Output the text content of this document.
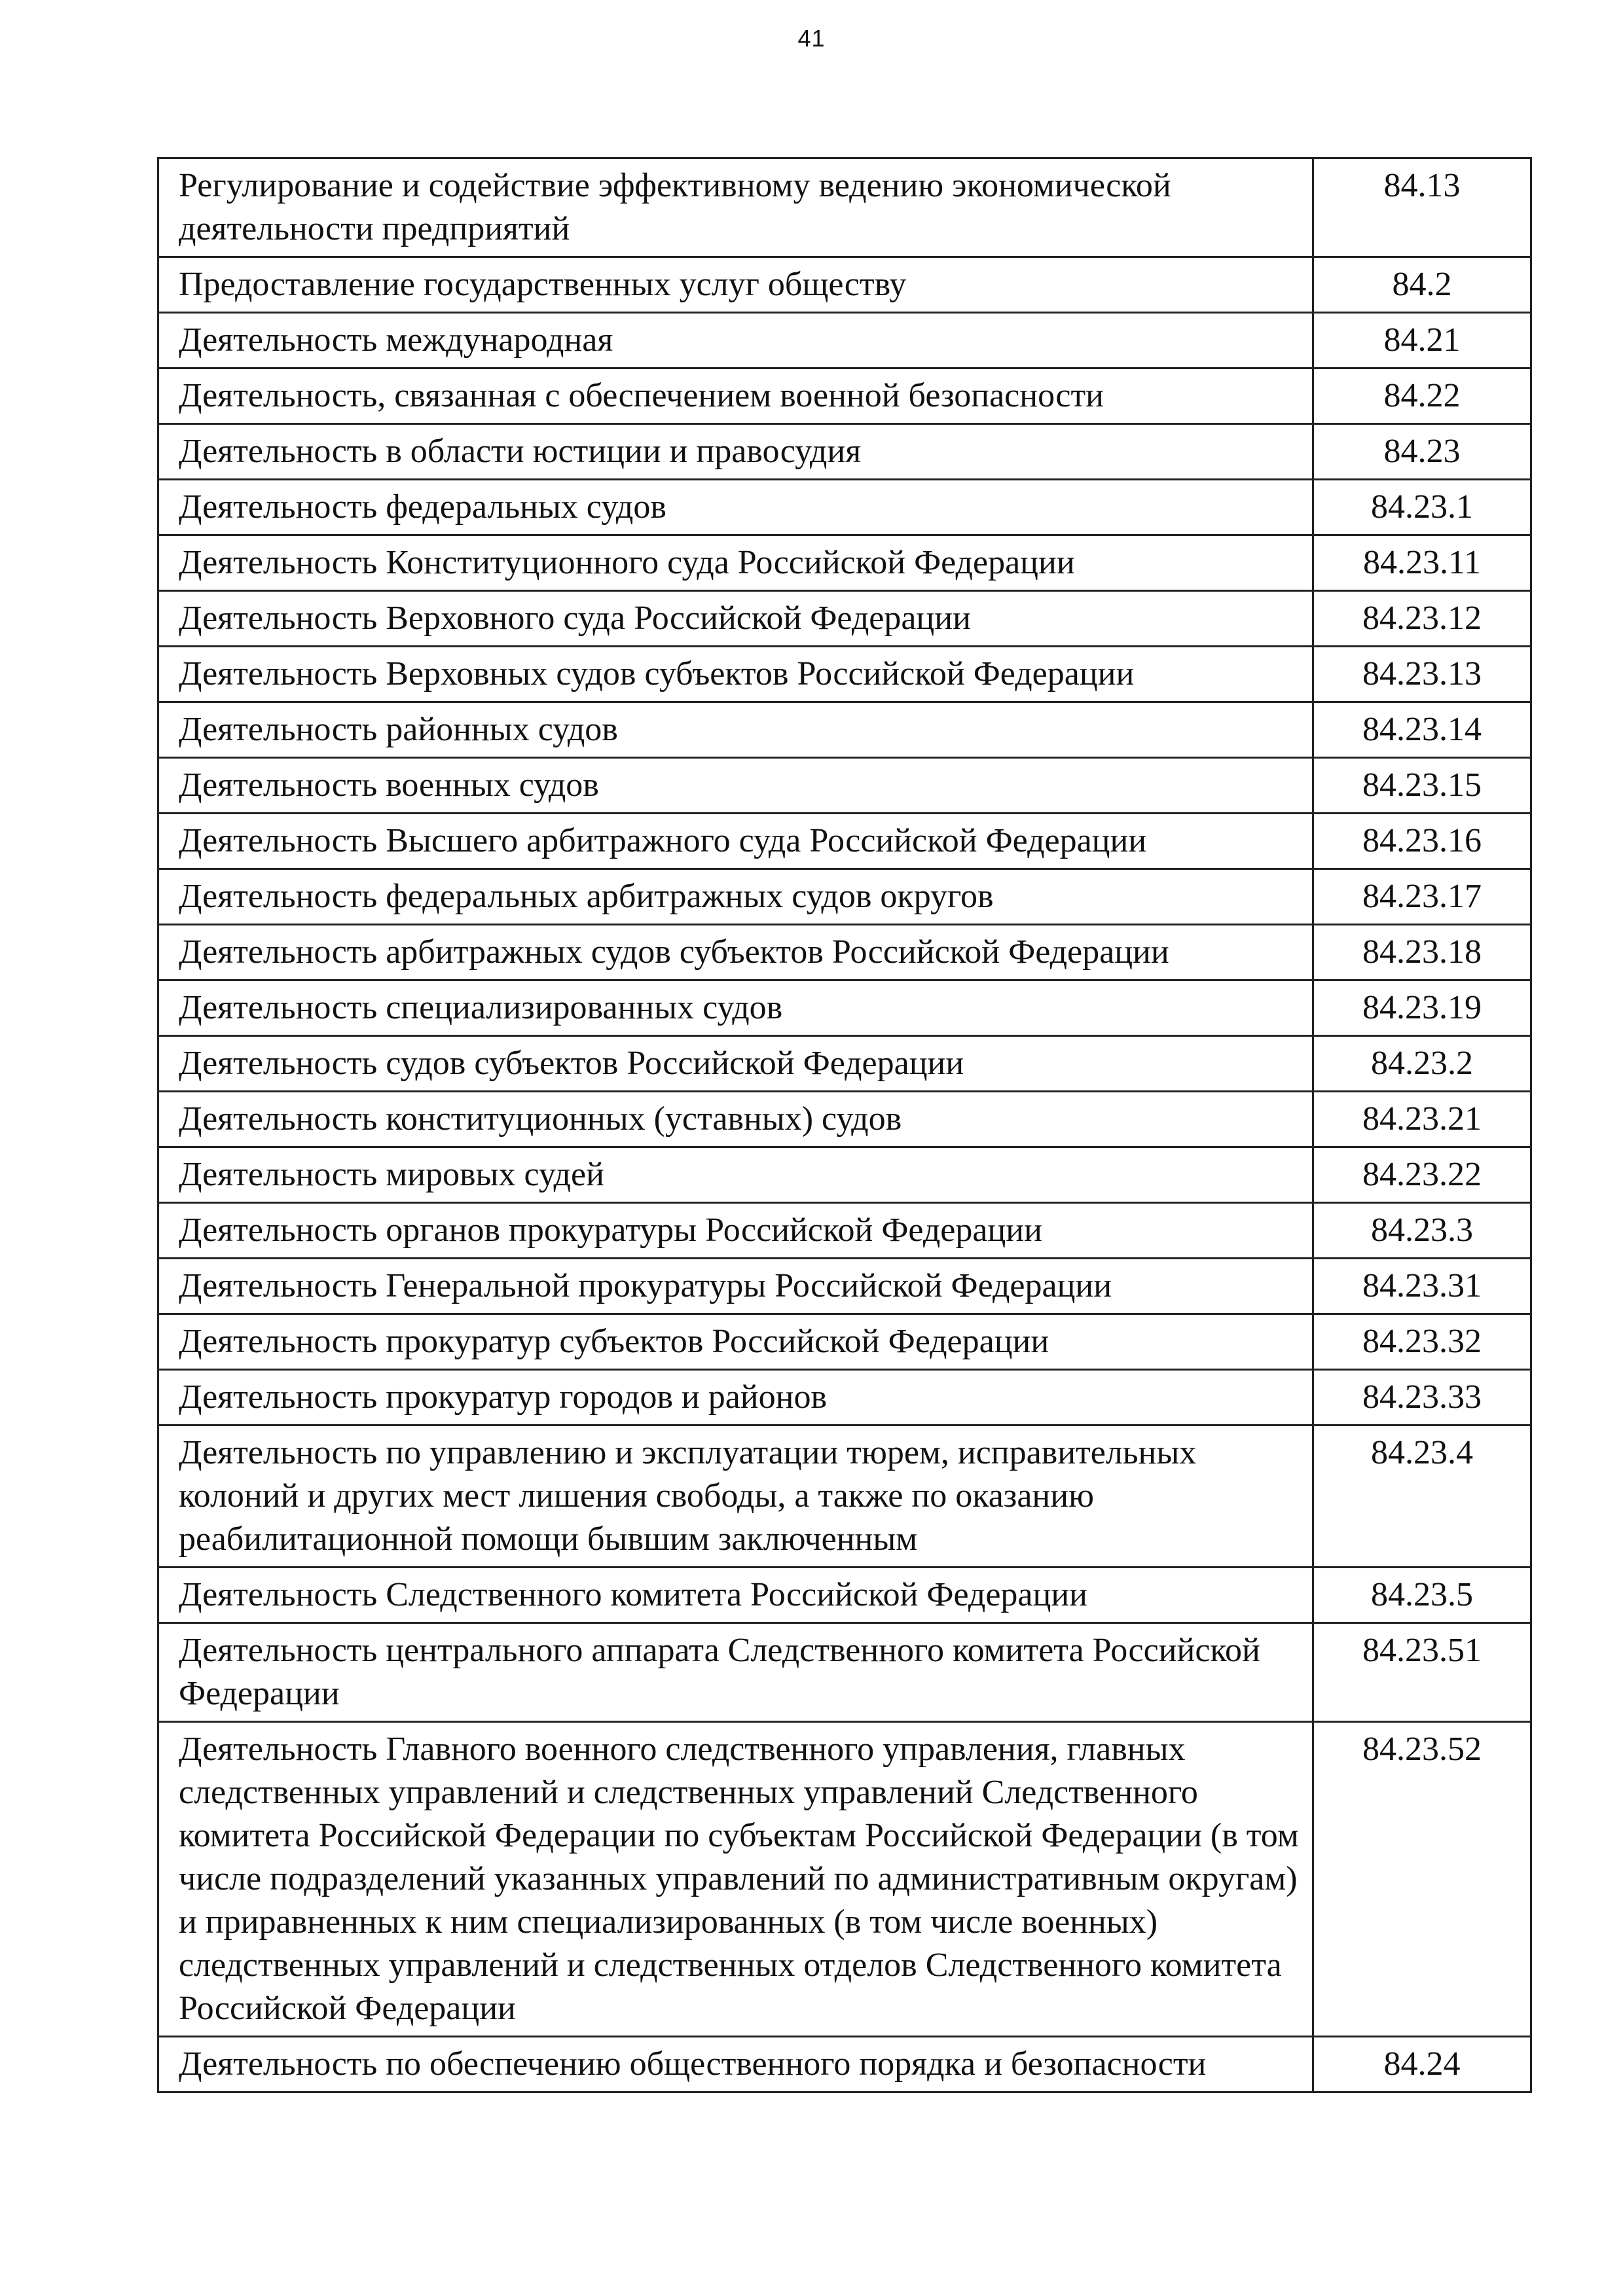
41
Регулирование и содействие эффективному ведению экономической деятельности предприятий	84.13
Предоставление государственных услуг обществу	84.2
Деятельность международная	84.21
Деятельность, связанная с обеспечением военной безопасности	84.22
Деятельность в области юстиции и правосудия	84.23
Деятельность федеральных судов	84.23.1
Деятельность Конституционного суда Российской Федерации	84.23.11
Деятельность Верховного суда Российской Федерации	84.23.12
Деятельность Верховных судов субъектов Российской Федерации	84.23.13
Деятельность районных судов	84.23.14
Деятельность военных судов	84.23.15
Деятельность Высшего арбитражного суда Российской Федерации	84.23.16
Деятельность федеральных арбитражных судов округов	84.23.17
Деятельность арбитражных судов субъектов Российской Федерации	84.23.18
Деятельность специализированных судов	84.23.19
Деятельность судов субъектов Российской Федерации	84.23.2
Деятельность конституционных (уставных) судов	84.23.21
Деятельность мировых судей	84.23.22
Деятельность органов прокуратуры Российской Федерации	84.23.3
Деятельность Генеральной прокуратуры Российской Федерации	84.23.31
Деятельность прокуратур субъектов Российской Федерации	84.23.32
Деятельность прокуратур городов и районов	84.23.33
Деятельность по управлению и эксплуатации тюрем, исправительных колоний и других мест лишения свободы, а также по оказанию реабилитационной помощи бывшим заключенным	84.23.4
Деятельность Следственного комитета Российской Федерации	84.23.5
Деятельность центрального аппарата Следственного комитета Российской Федерации	84.23.51
Деятельность Главного военного следственного управления, главных следственных управлений и следственных управлений Следственного комитета Российской Федерации по субъектам Российской Федерации (в том числе подразделений указанных управлений по административным округам) и приравненных к ним специализированных (в том числе военных) следственных управлений и следственных отделов Следственного комитета Российской Федерации	84.23.52
Деятельность по обеспечению общественного порядка и безопасности	84.24
